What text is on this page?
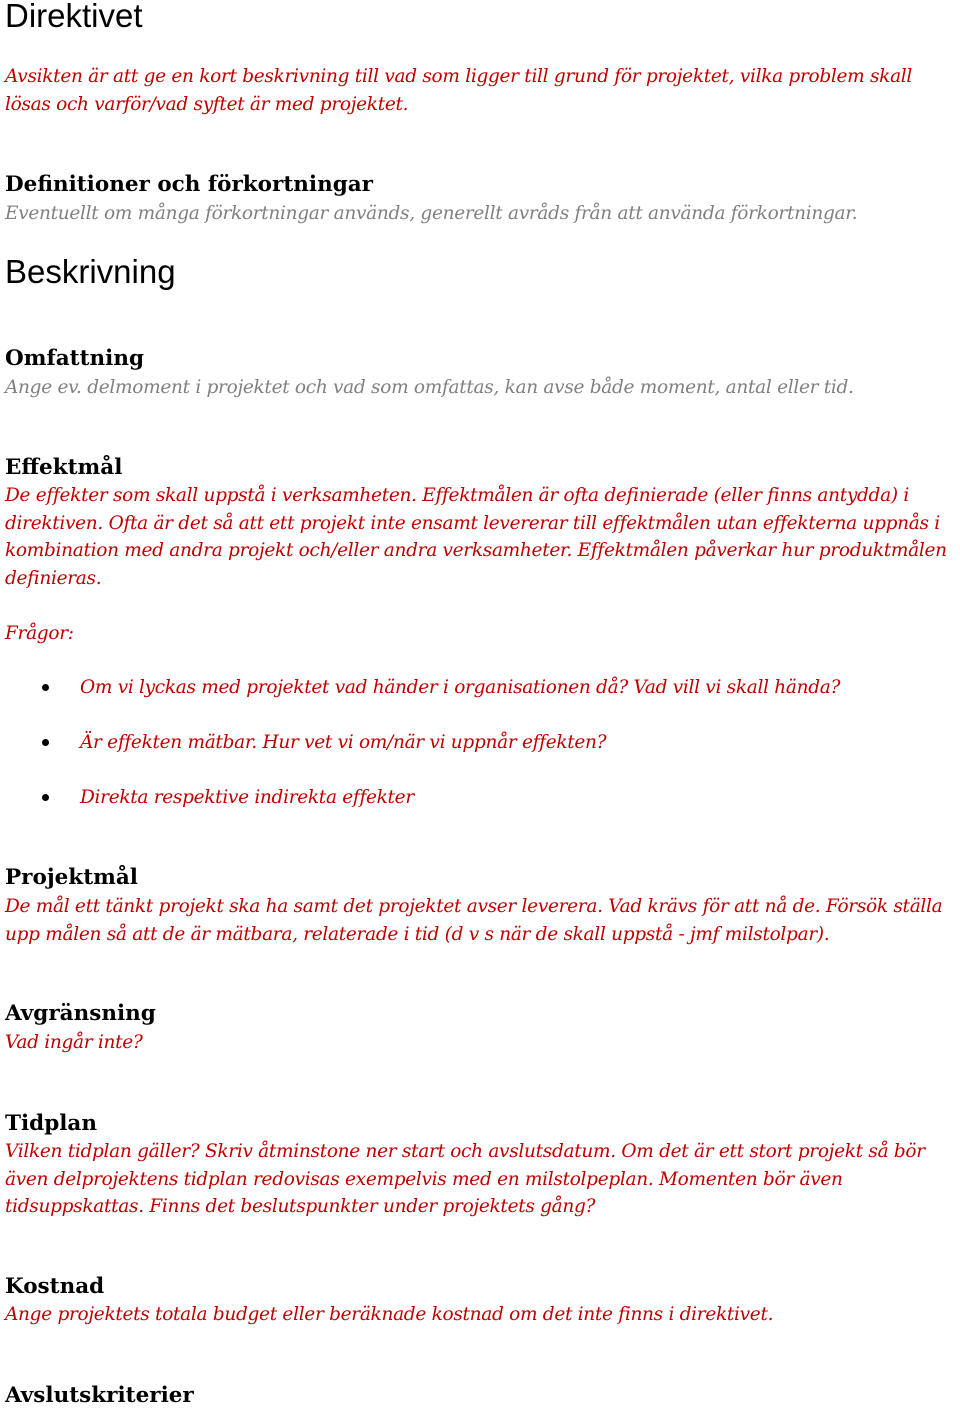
Direktivet

Avsikten är att ge en kort beskrivning till vad som ligger till grund för projektet, vilka problem skall lösas och varför/vad syftet är med projektet.

Definitioner och förkortningar

Eventuellt om många förkortningar används, generellt avråds från att använda förkortningar.

Beskrivning
Omfattning

Ange ev. delmoment i projektet och vad som omfattas, kan avse både moment, antal eller tid.

Effektmål

De effekter som skall uppstå i verksamheten. Effektmålen är ofta definierade (eller finns antydda) i direktiven. Ofta är det så att ett projekt inte ensamt levererar till effektmålen utan effekterna uppnås i kombination med andra projekt och/eller andra verksamheter. Effektmålen påverkar hur produktmålen definieras.

Frågor:

Om vi lyckas med projektet vad händer i organisationen då? Vad vill vi skall hända?
Är effekten mätbar. Hur vet vi om/när vi uppnår effekten?
Direkta respektive indirekta effekter
Projektmål

De mål ett tänkt projekt ska ha samt det projektet avser leverera. Vad krävs för att nå de. Försök ställa upp målen så att de är mätbara, relaterade i tid (d v s när de skall uppstå - jmf milstolpar).

Avgränsning

Vad ingår inte?

Tidplan

Vilken tidplan gäller? Skriv åtminstone ner start och avslutsdatum. Om det är ett stort projekt så bör även delprojektens tidplan redovisas exempelvis med en milstolpeplan. Momenten bör även tidsuppskattas. Finns det beslutspunkter under projektets gång?

Kostnad

Ange projektets totala budget eller beräknade kostnad om det inte finns i direktivet.

Avslutskriterier
